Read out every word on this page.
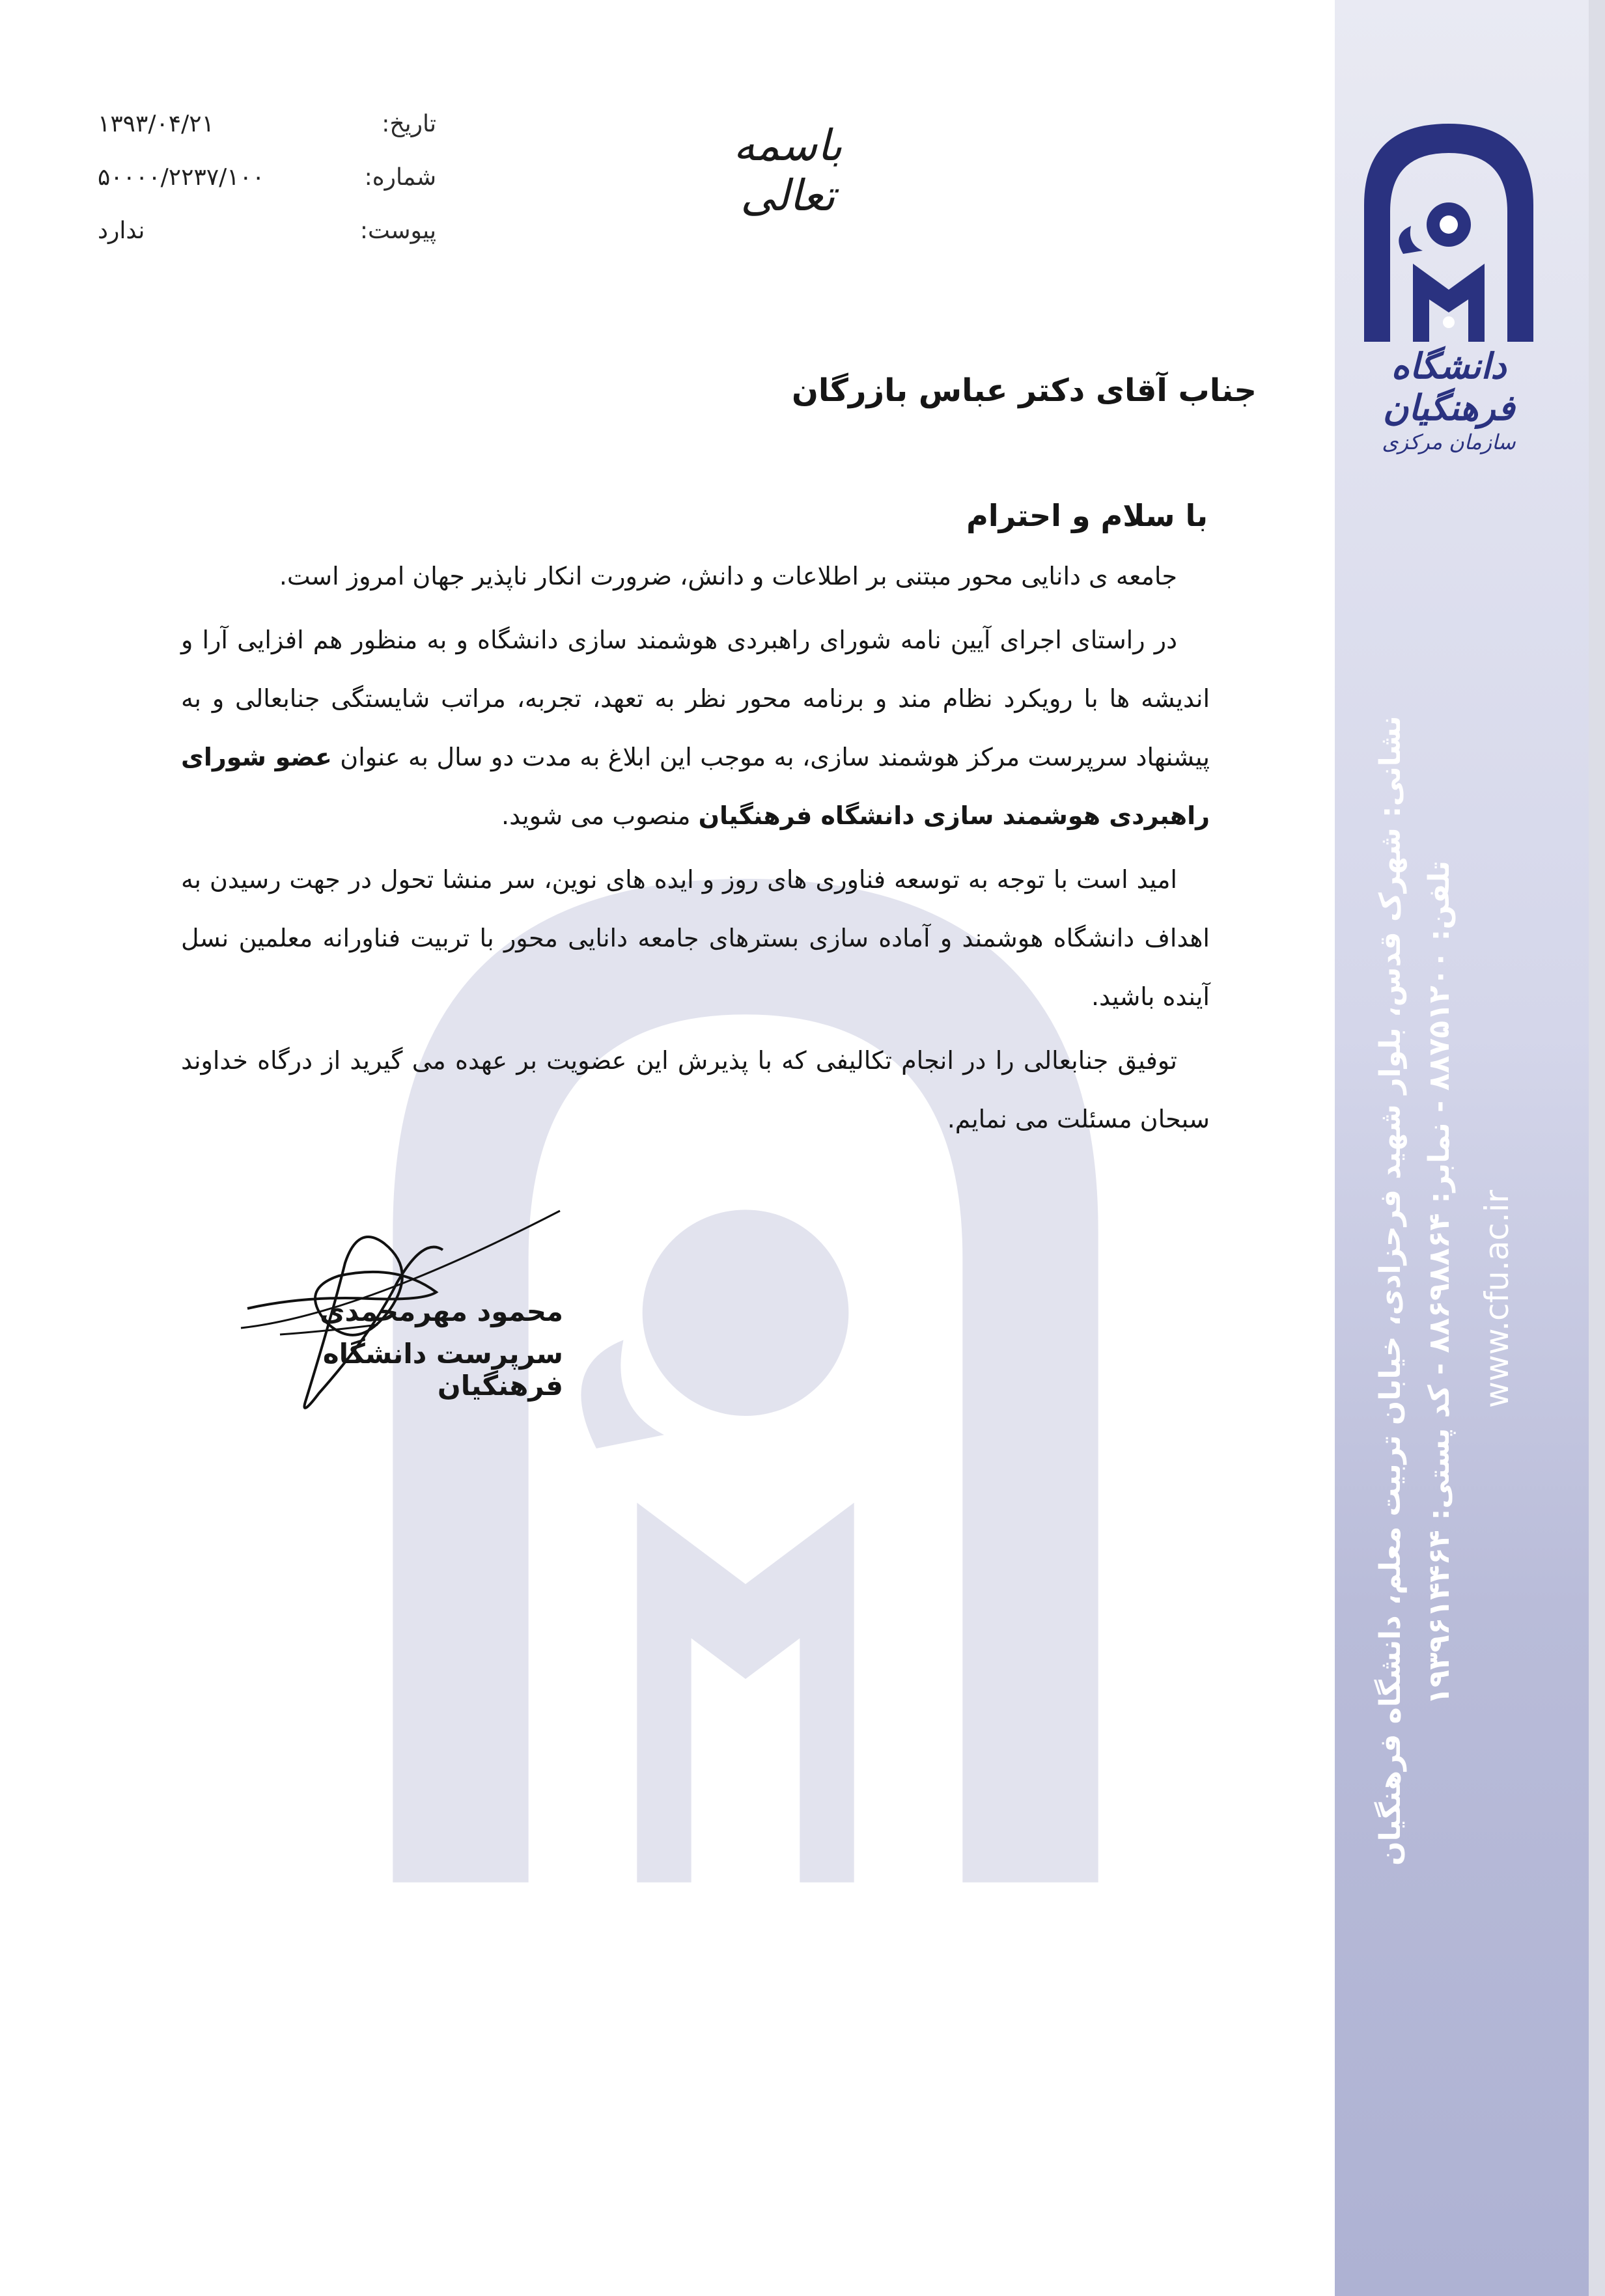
دانشگاه فرهنگیان
سازمان مرکزی
باسمه تعالی
تاریخ:
۱۳۹۳/۰۴/۲۱
شماره:
۵۰۰۰۰/۲۲۳۷/۱۰۰
پیوست:
ندارد
جناب آقای دکتر عباس بازرگان
با سلام و احترام

جامعه ی دانایی محور مبتنی بر اطلاعات و دانش، ضرورت انکار ناپذیر جهان امروز است.

در راستای اجرای آیین نامه شورای راهبردی هوشمند سازی دانشگاه و به منظور هم افزایی آرا و اندیشه ها با رویکرد نظام مند و برنامه محور نظر به تعهد، تجربه، مراتب شایستگی جنابعالی و به پیشنهاد سرپرست مرکز هوشمند سازی، به موجب این ابلاغ به مدت دو سال به عنوان عضو شورای راهبردی هوشمند سازی دانشگاه فرهنگیان منصوب می شوید.

امید است با توجه به توسعه فناوری های روز و ایده های نوین، سر منشا تحول در جهت رسیدن به اهداف دانشگاه هوشمند و آماده سازی بسترهای جامعه دانایی محور با تربیت فناورانه معلمین نسل آینده باشید.

توفیق جنابعالی را در انجام تکالیفی که با پذیرش این عضویت بر عهده می گیرید از درگاه خداوند سبحان مسئلت می نمایم.

محمود مهرمحمدی
سرپرست دانشگاه فرهنگیان	نشانی: شهرک قدس، بلوار شهید فرحزادی، خیابان تربیت معلم، دانشگاه فرهنگیان تلفن: ۸۸۷۵۱۲۰۰ - نمابر: ۸۸۶۹۸۸۶۴ - کد پستی: ۱۹۳۹۶۱۴۴۶۴
www.cfu.ac.ir
